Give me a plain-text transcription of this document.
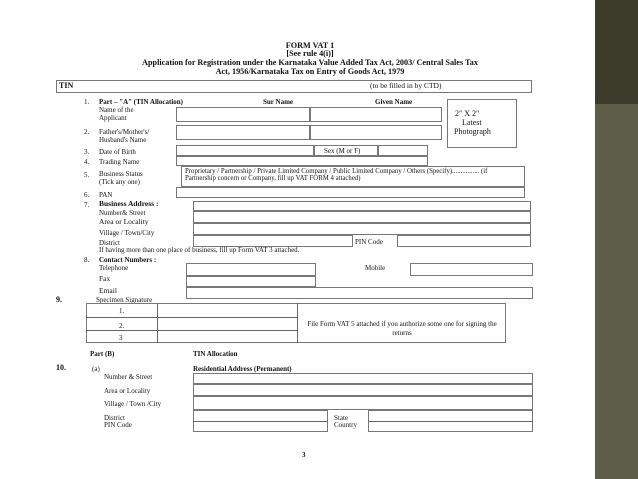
FORM VAT 1
[See rule 4(i)]
Application for Registration under the Karnataka Value Added Tax Act, 2003/ Central Sales Tax
Act, 1956/Karnataka Tax on Entry of Goods Act, 1979
TIN	(to be filled in by CTD)
1. Part – "A" (TIN Allocation)	Sur Name	Given Name
Name of the
Applicant	2" X 2"
Latest
Photograph
2. Father's/Mother's/
Husband's Name
3. Date of Birth	Sex (M or F)
4. Trading Name
5. Business Status
(Tick any one)
Proprietary / Partnership / Private Limited Company / Public Limited Company / Others (Specify)................ (if Partnership concern or Company, fill up VAT FORM 4 attached)
6. PAN
7. Business Address :
Number& Street
Area or Locality
Village / Town/City
District	PIN Code
If having more than one place of business, fill up Form VAT 3 attached.
8. Contact Numbers :
Telephone	Mobile
Fax
Email
9.	Specimen Signature
1.
2.
3
File Form VAT 5 attached if you authorize some one for signing the returns
Part (B)	TIN Allocation
10.	(a)	Residential Address (Permanent)
Number & Street
Area or Locality
Village / Town /City
District
PIN Code
State
Country
3
